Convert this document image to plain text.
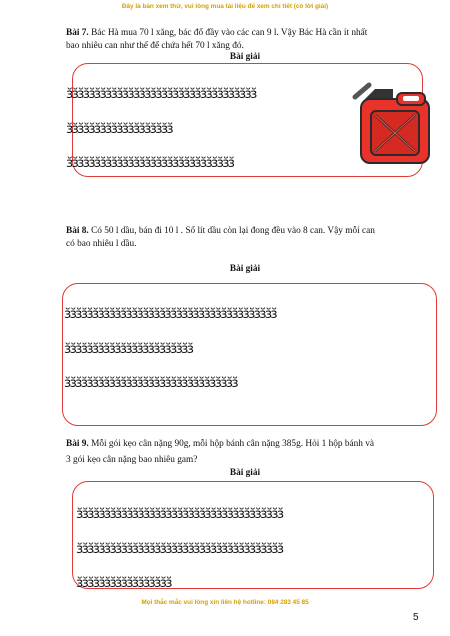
Đây là bản xem thử, vui lòng mua tài liệu để xem chi tiết (có lời giải)
Bài 7. Bác Hà mua 70 l xăng, bác đổ đầy vào các can 9 l. Vậy Bác Hà cần ít nhất
bao nhiêu can như thế để chứa hết 70 l xăng đó.
Bài giải

ɜ̆ɜ̆ɜ̆ɜ̆ɜ̆ɜ̆ɜ̆ɜ̆ɜ̆ɜ̆ɜ̆ɜ̆ɜ̆ɜ̆ɜ̆ɜ̆ɜ̆ɜ̆ɜ̆ɜ̆ɜ̆ɜ̆ɜ̆ɜ̆ɜ̆ɜ̆ɜ̆ɜ̆ɜ̆ɜ̆ɜ̆ɜ̆ɜ̆ɜ̆

ɜ̆ɜ̆ɜ̆ɜ̆ɜ̆ɜ̆ɜ̆ɜ̆ɜ̆ɜ̆ɜ̆ɜ̆ɜ̆ɜ̆ɜ̆ɜ̆ɜ̆ɜ̆ɜ̆

ɜ̆ɜ̆ɜ̆ɜ̆ɜ̆ɜ̆ɜ̆ɜ̆ɜ̆ɜ̆ɜ̆ɜ̆ɜ̆ɜ̆ɜ̆ɜ̆ɜ̆ɜ̆ɜ̆ɜ̆ɜ̆ɜ̆ɜ̆ɜ̆ɜ̆ɜ̆ɜ̆ɜ̆ɜ̆ɜ̆

Bài 8. Có 50 l dầu, bán đi 10 l . Số lít dầu còn lại đong đều vào 8 can. Vậy mỗi can
có bao nhiêu l dầu.
Bài giải

ɜ̆ɜ̆ɜ̆ɜ̆ɜ̆ɜ̆ɜ̆ɜ̆ɜ̆ɜ̆ɜ̆ɜ̆ɜ̆ɜ̆ɜ̆ɜ̆ɜ̆ɜ̆ɜ̆ɜ̆ɜ̆ɜ̆ɜ̆ɜ̆ɜ̆ɜ̆ɜ̆ɜ̆ɜ̆ɜ̆ɜ̆ɜ̆ɜ̆ɜ̆ɜ̆ɜ̆ɜ̆ɜ̆

ɜ̆ɜ̆ɜ̆ɜ̆ɜ̆ɜ̆ɜ̆ɜ̆ɜ̆ɜ̆ɜ̆ɜ̆ɜ̆ɜ̆ɜ̆ɜ̆ɜ̆ɜ̆ɜ̆ɜ̆ɜ̆ɜ̆ɜ̆

ɜ̆ɜ̆ɜ̆ɜ̆ɜ̆ɜ̆ɜ̆ɜ̆ɜ̆ɜ̆ɜ̆ɜ̆ɜ̆ɜ̆ɜ̆ɜ̆ɜ̆ɜ̆ɜ̆ɜ̆ɜ̆ɜ̆ɜ̆ɜ̆ɜ̆ɜ̆ɜ̆ɜ̆ɜ̆ɜ̆ɜ̆

Bài 9. Mỗi gói kẹo cân nặng 90g, mỗi hộp bánh cân nặng 385g. Hỏi 1 hộp bánh và
3 gói kẹo cân nặng bao nhiêu gam?
Bài giải

ɜ̆ɜ̆ɜ̆ɜ̆ɜ̆ɜ̆ɜ̆ɜ̆ɜ̆ɜ̆ɜ̆ɜ̆ɜ̆ɜ̆ɜ̆ɜ̆ɜ̆ɜ̆ɜ̆ɜ̆ɜ̆ɜ̆ɜ̆ɜ̆ɜ̆ɜ̆ɜ̆ɜ̆ɜ̆ɜ̆ɜ̆ɜ̆ɜ̆ɜ̆ɜ̆ɜ̆ɜ̆

ɜ̆ɜ̆ɜ̆ɜ̆ɜ̆ɜ̆ɜ̆ɜ̆ɜ̆ɜ̆ɜ̆ɜ̆ɜ̆ɜ̆ɜ̆ɜ̆ɜ̆ɜ̆ɜ̆ɜ̆ɜ̆ɜ̆ɜ̆ɜ̆ɜ̆ɜ̆ɜ̆ɜ̆ɜ̆ɜ̆ɜ̆ɜ̆ɜ̆ɜ̆ɜ̆ɜ̆ɜ̆

ɜ̆ɜ̆ɜ̆ɜ̆ɜ̆ɜ̆ɜ̆ɜ̆ɜ̆ɜ̆ɜ̆ɜ̆ɜ̆ɜ̆ɜ̆ɜ̆ɜ̆

Mọi thắc mắc vui lòng xin liên hệ hotline: 084 283 45 85
5
